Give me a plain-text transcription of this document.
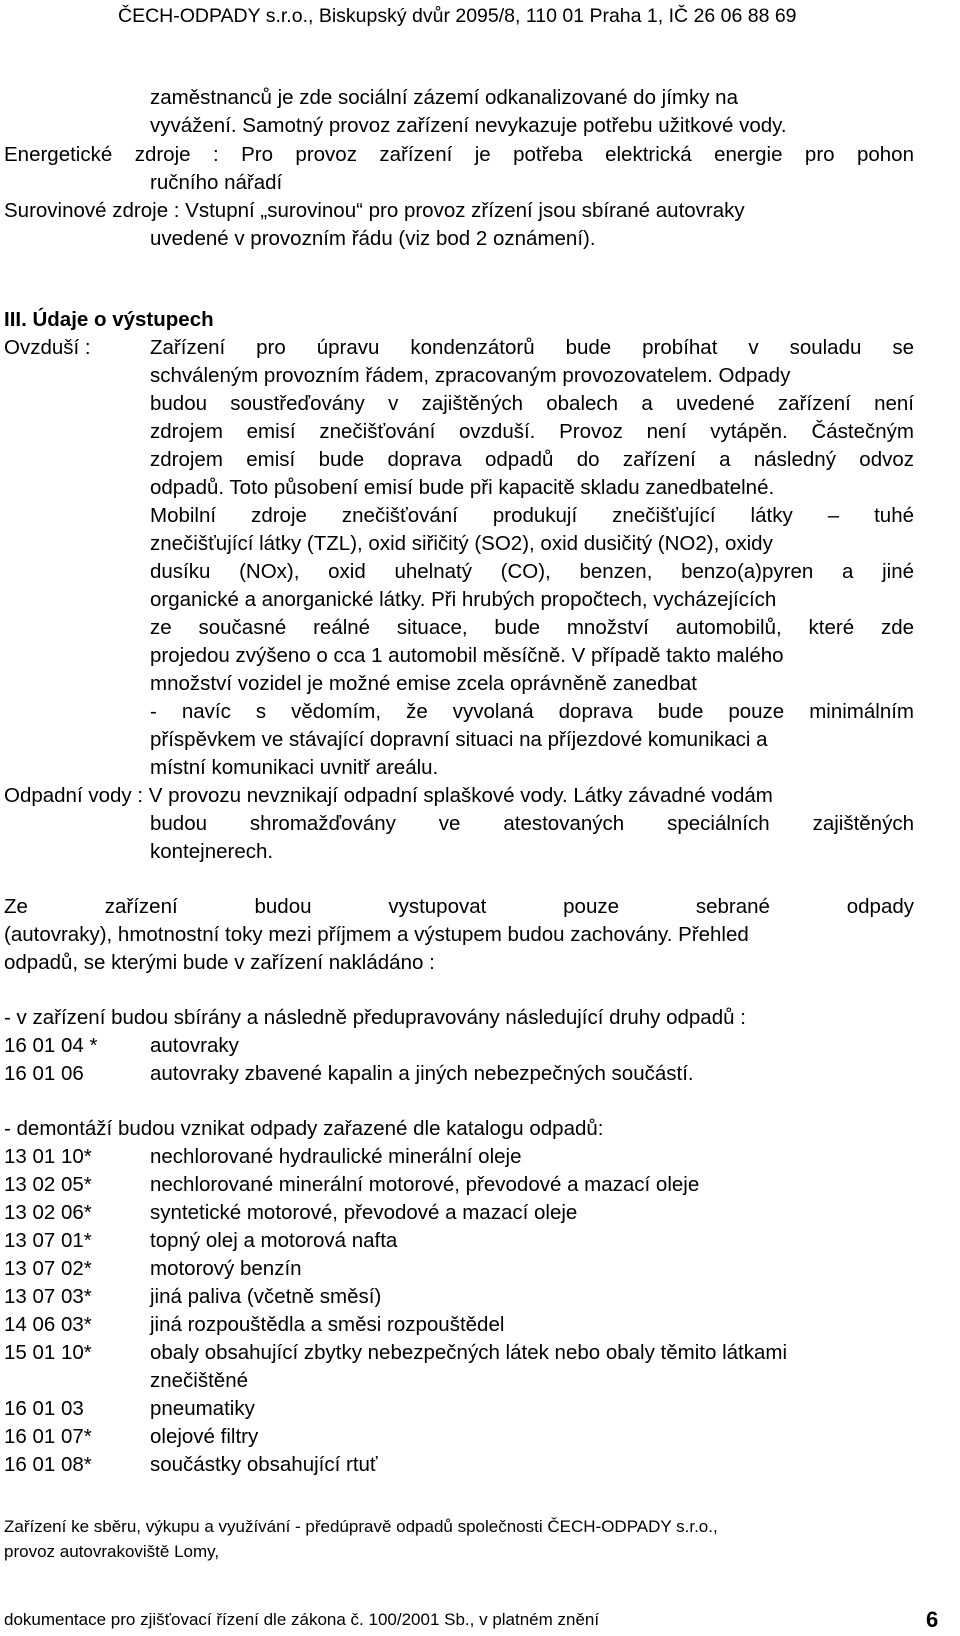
ČECH-ODPADY s.r.o., Biskupský dvůr 2095/8, 110 01 Praha 1, IČ 26 06 88 69
zaměstnanců je zde sociální zázemí odkanalizované do jímky na
vyvážení. Samotný provoz zařízení nevykazuje potřebu užitkové vody.
Energetické zdroje : Pro provoz zařízení je potřeba elektrická energie pro pohon
ručního nářadí
Surovinové zdroje : Vstupní „surovinou“ pro provoz zřízení jsou sbírané autovraky
uvedené v provozním řádu (viz bod 2 oznámení).
III. Údaje o výstupech
Ovzduší :	Zařízení pro úpravu kondenzátorů bude probíhat v souladu se
schváleným provozním řádem, zpracovaným provozovatelem. Odpady
budou soustřeďovány v zajištěných obalech a uvedené zařízení není
zdrojem emisí znečišťování ovzduší. Provoz není vytápěn. Částečným
zdrojem emisí bude doprava odpadů do zařízení a následný odvoz
odpadů. Toto působení emisí bude při kapacitě skladu zanedbatelné.
Mobilní zdroje znečišťování produkují znečišťující látky – tuhé
znečišťující látky (TZL), oxid siřičitý (SO2), oxid dusičitý (NO2), oxidy
dusíku (NOx), oxid uhelnatý (CO), benzen, benzo(a)pyren a jiné
organické a anorganické látky. Při hrubých propočtech, vycházejících
ze současné reálné situace, bude množství automobilů, které zde
projedou zvýšeno o cca 1 automobil měsíčně. V případě takto malého
množství vozidel je možné emise zcela oprávněně zanedbat
- navíc s vědomím, že vyvolaná doprava bude pouze minimálním
příspěvkem ve stávající dopravní situaci na příjezdové komunikaci a
místní komunikaci uvnitř areálu.
Odpadní vody : V provozu nevznikají odpadní splaškové vody. Látky závadné vodám
budou shromažďovány ve atestovaných speciálních zajištěných
kontejnerech.
Ze zařízení budou vystupovat pouze sebrané odpady
(autovraky), hmotnostní toky mezi příjmem a výstupem budou zachovány. Přehled
odpadů, se kterými bude v zařízení nakládáno :
- v zařízení budou sbírány a následně předupravovány následující druhy odpadů :
16 01 04 *	autovraky
16 01 06	autovraky zbavené kapalin a jiných nebezpečných součástí.
- demontáží budou vznikat odpady zařazené dle katalogu odpadů:
13 01 10*	nechlorované hydraulické minerální oleje
13 02 05*	nechlorované minerální motorové, převodové a mazací oleje
13 02 06*	syntetické motorové, převodové a mazací oleje
13 07 01*	topný olej a motorová nafta
13 07 02*	motorový benzín
13 07 03*	jiná paliva (včetně směsí)
14 06 03*	jiná rozpouštědla a směsi rozpouštědel
15 01 10*	obaly obsahující zbytky nebezpečných látek nebo obaly těmito látkami
znečištěné
16 01 03	pneumatiky
16 01 07*	olejové filtry
16 01 08*	součástky obsahující rtuť
Zařízení ke sběru, výkupu a využívání - předúpravě odpadů společnosti ČECH-ODPADY s.r.o.,
provoz autovrakoviště Lomy,
dokumentace pro zjišťovací řízení dle zákona č. 100/2001 Sb., v platném znění	6
